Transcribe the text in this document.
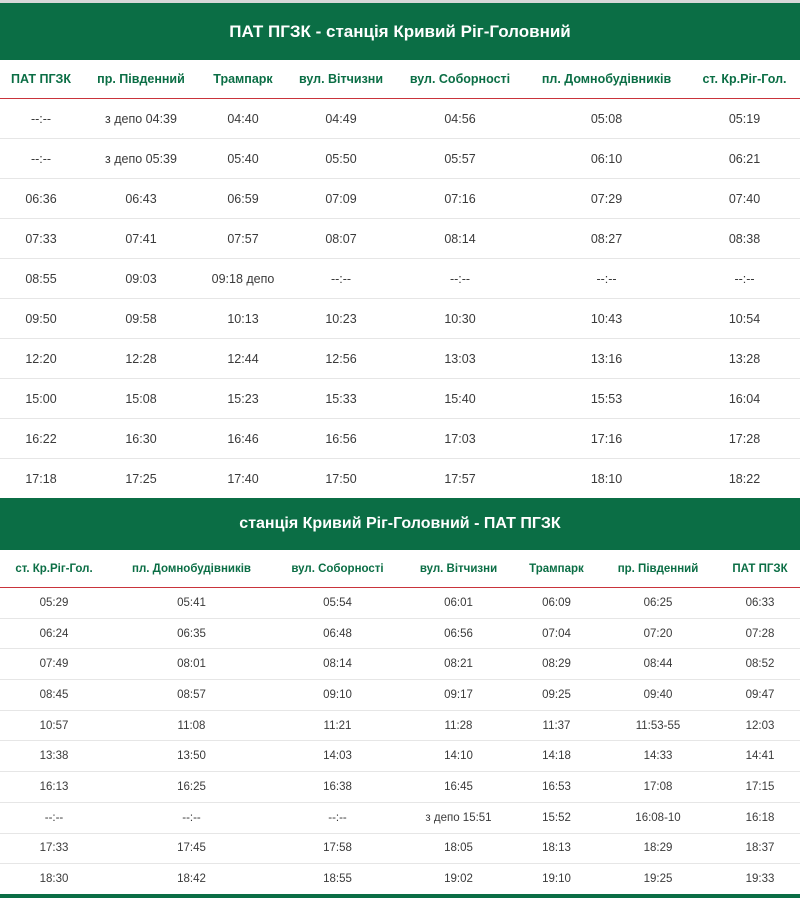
ПАТ ПГЗК - станція Кривий Ріг-Головний
ПАТ ПГЗК	пр. Південний	Трампарк	вул. Вітчизни	вул. Соборності	пл. Домнобудівників	ст. Кр.Ріг-Гол.
--:--	з депо 04:39	04:40	04:49	04:56	05:08	05:19
--:--	з депо 05:39	05:40	05:50	05:57	06:10	06:21
06:36	06:43	06:59	07:09	07:16	07:29	07:40
07:33	07:41	07:57	08:07	08:14	08:27	08:38
08:55	09:03	09:18 депо	--:--	--:--	--:--	--:--
09:50	09:58	10:13	10:23	10:30	10:43	10:54
12:20	12:28	12:44	12:56	13:03	13:16	13:28
15:00	15:08	15:23	15:33	15:40	15:53	16:04
16:22	16:30	16:46	16:56	17:03	17:16	17:28
17:18	17:25	17:40	17:50	17:57	18:10	18:22
станція Кривий Ріг-Головний - ПАТ ПГЗК
ст. Кр.Ріг-Гол.	пл. Домнобудівників	вул. Соборності	вул. Вітчизни	Трампарк	пр. Південний	ПАТ ПГЗК
05:29	05:41	05:54	06:01	06:09	06:25	06:33
06:24	06:35	06:48	06:56	07:04	07:20	07:28
07:49	08:01	08:14	08:21	08:29	08:44	08:52
08:45	08:57	09:10	09:17	09:25	09:40	09:47
10:57	11:08	11:21	11:28	11:37	11:53-55	12:03
13:38	13:50	14:03	14:10	14:18	14:33	14:41
16:13	16:25	16:38	16:45	16:53	17:08	17:15
--:--	--:--	--:--	з депо 15:51	15:52	16:08-10	16:18
17:33	17:45	17:58	18:05	18:13	18:29	18:37
18:30	18:42	18:55	19:02	19:10	19:25	19:33
